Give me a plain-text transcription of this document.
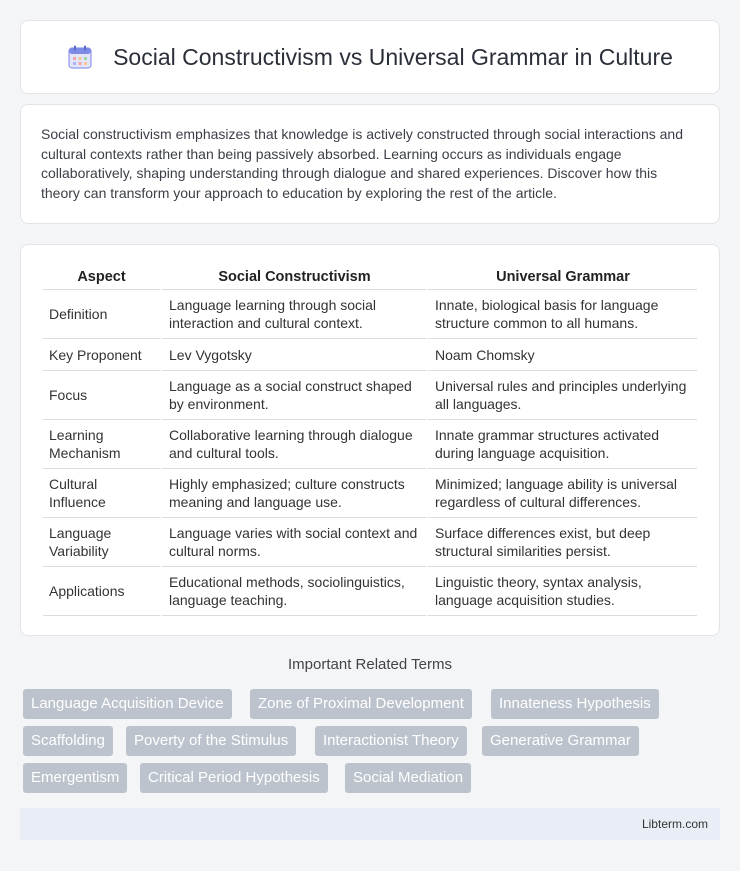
Social Constructivism vs Universal Grammar in Culture

Social constructivism emphasizes that knowledge is actively constructed through social interactions and cultural contexts rather than being passively absorbed. Learning occurs as individuals engage collaboratively, shaping understanding through dialogue and shared experiences. Discover how this theory can transform your approach to education by exploring the rest of the article.

Aspect	Social Constructivism	Universal Grammar
Definition	Language learning through social interaction and cultural context.	Innate, biological basis for language structure common to all humans.
Key Proponent	Lev Vygotsky	Noam Chomsky
Focus	Language as a social construct shaped by environment.	Universal rules and principles underlying all languages.
Learning Mechanism	Collaborative learning through dialogue and cultural tools.	Innate grammar structures activated during language acquisition.
Cultural Influence	Highly emphasized; culture constructs meaning and language use.	Minimized; language ability is universal regardless of cultural differences.
Language Variability	Language varies with social context and cultural norms.	Surface differences exist, but deep structural similarities persist.
Applications	Educational methods, sociolinguistics, language teaching.	Linguistic theory, syntax analysis, language acquisition studies.
Important Related Terms
Language Acquisition Device	Zone of Proximal Development	Innateness Hypothesis
Scaffolding	Poverty of the Stimulus	Interactionist Theory	Generative Grammar
Emergentism	Critical Period Hypothesis	Social Mediation
Libterm.com
